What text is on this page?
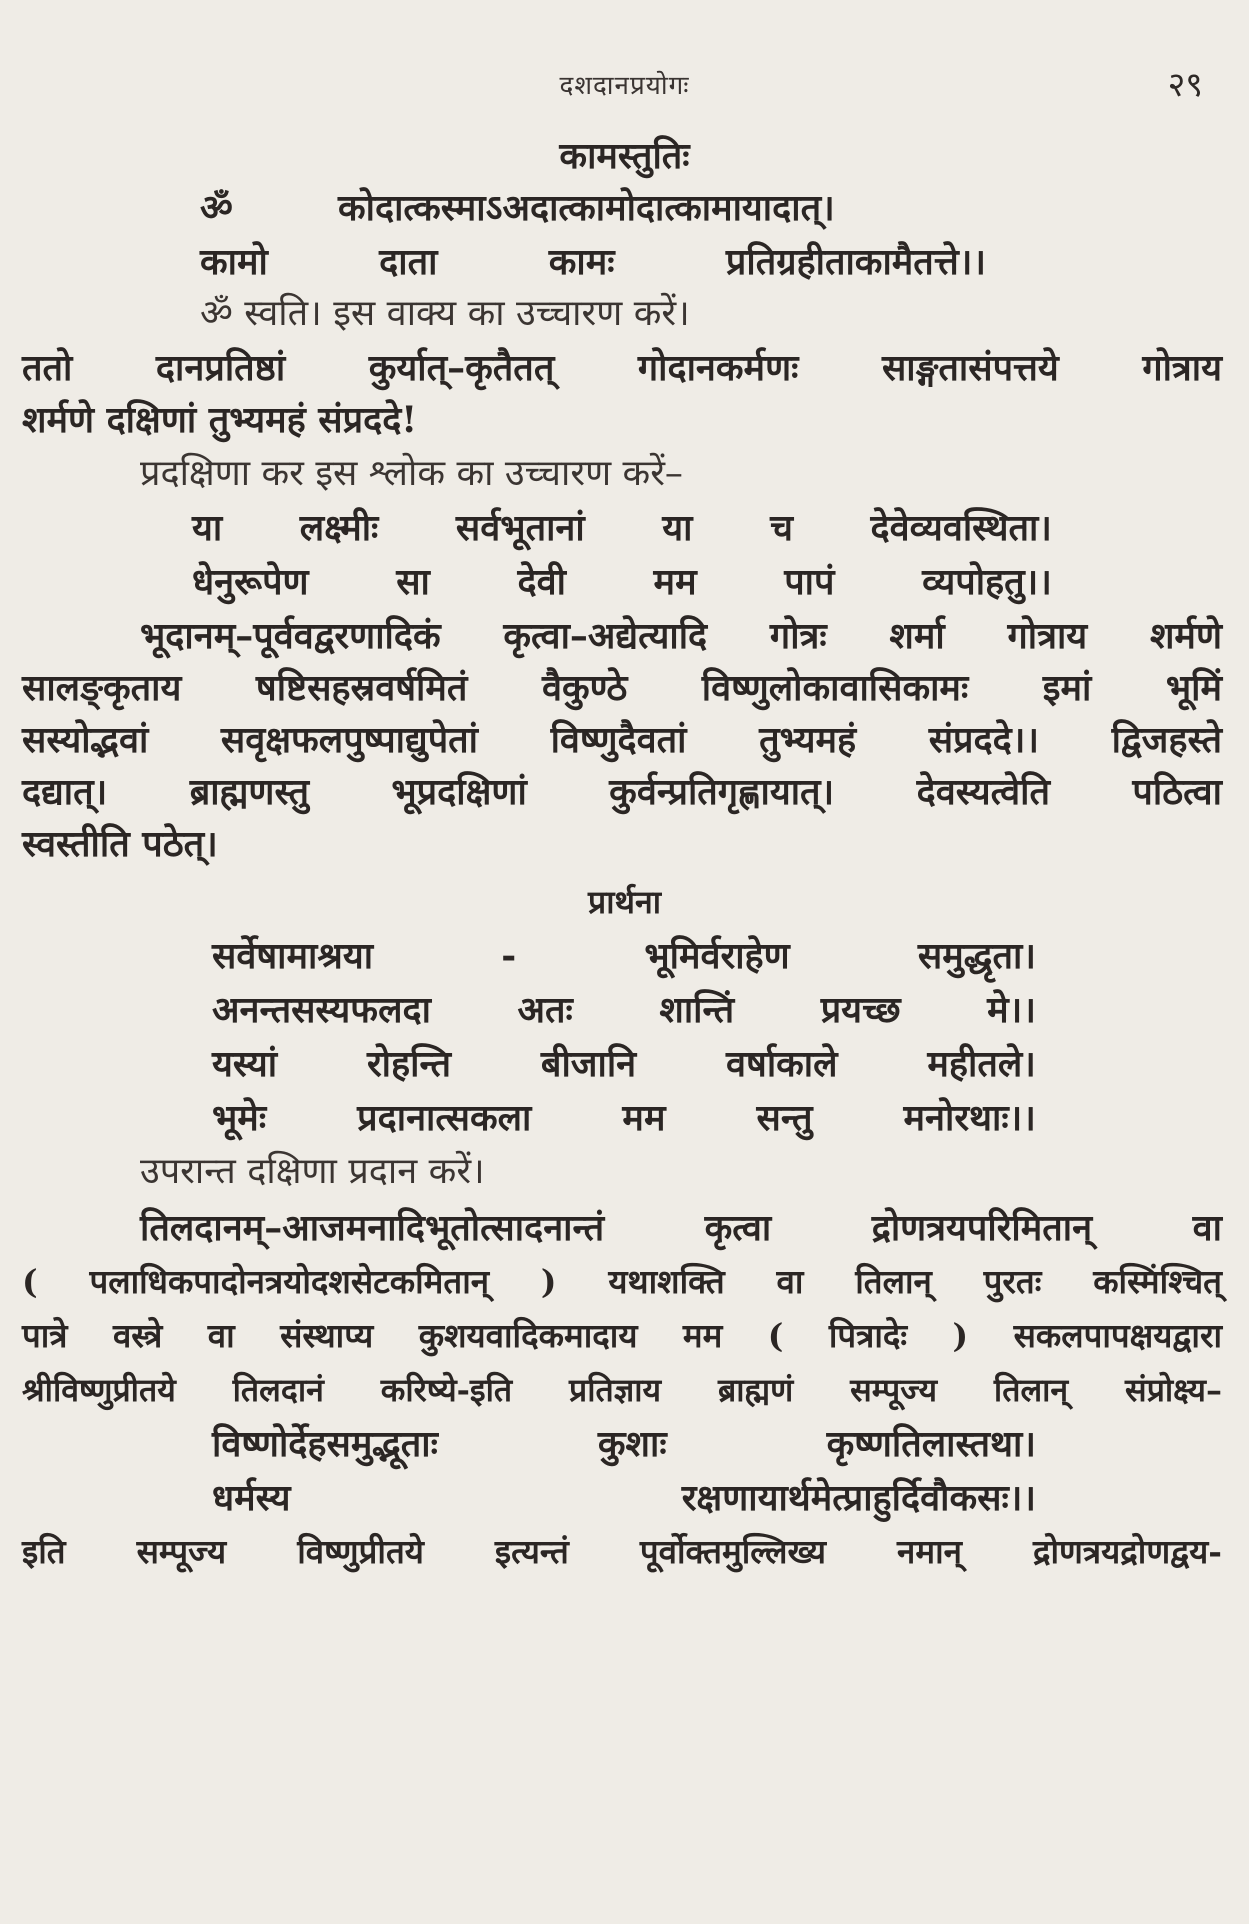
दशदानप्रयोगः	२९
कामस्तुतिः
ॐ	कोदात्कस्माऽअदात्कामोदात्कामायादात्।
कामो	दाता	कामः	प्रतिग्रहीताकामैतत्ते।।
ॐ स्वति। इस वाक्य का उच्चारण करें।
ततो दानप्रतिष्ठां कुर्यात्–कृतैतत् गोदानकर्मणः साङ्गतासंपत्तये गोत्राय
शर्मणे दक्षिणां तुभ्यमहं संप्रददे!
प्रदक्षिणा कर इस श्लोक का उच्चारण करें–
या लक्ष्मीः सर्वभूतानां या च देवेव्यवस्थिता।
धेनुरूपेण सा देवी मम पापं व्यपोहतु।।
भूदानम्–पूर्ववद्वरणादिकं कृत्वा–अद्येत्यादि गोत्रः शर्मा गोत्राय शर्मणे
सालङ्कृताय षष्टिसहस्रवर्षमितं वैकुण्ठे विष्णुलोकावासिकामः इमां भूमिं
सस्योद्भवां सवृक्षफलपुष्पाद्युपेतां विष्णुदैवतां तुभ्यमहं संप्रददे।। द्विजहस्ते
दद्यात्। ब्राह्मणस्तु भूप्रदक्षिणां कुर्वन्प्रतिगृह्णायात्। देवस्यत्वेति पठित्वा
स्वस्तीति पठेत्।
प्रार्थना
सर्वेषामाश्रया	-	भूमिर्वराहेण	समुद्धृता।
अनन्तसस्यफलदा अतः शान्तिं प्रयच्छ मे।।
यस्यां रोहन्ति बीजानि वर्षाकाले महीतले।
भूमेः	प्रदानात्सकला	मम	सन्तु	मनोरथाः।।
उपरान्त दक्षिणा प्रदान करें।
तिलदानम्–आजमनादिभूतोत्सादनान्तं कृत्वा द्रोणत्रयपरिमितान् वा
( पलाधिकपादोनत्रयोदशसेटकमितान् ) यथाशक्ति वा तिलान् पुरतः कस्मिंश्चित्
पात्रे वस्त्रे वा संस्थाप्य कुशयवादिकमादाय मम ( पित्रादेः ) सकलपापक्षयद्वारा
श्रीविष्णुप्रीतये तिलदानं करिष्ये-इति प्रतिज्ञाय ब्राह्मणं सम्पूज्य तिलान् संप्रोक्ष्य–
विष्णोर्देहसमुद्भूताः	कुशाः	कृष्णतिलास्तथा।
धर्मस्य	रक्षणायार्थमेत्प्राहुर्दिवौकसः।।
इति सम्पूज्य विष्णुप्रीतये इत्यन्तं पूर्वोक्तमुल्लिख्य नमान् द्रोणत्रयद्रोणद्वय-
